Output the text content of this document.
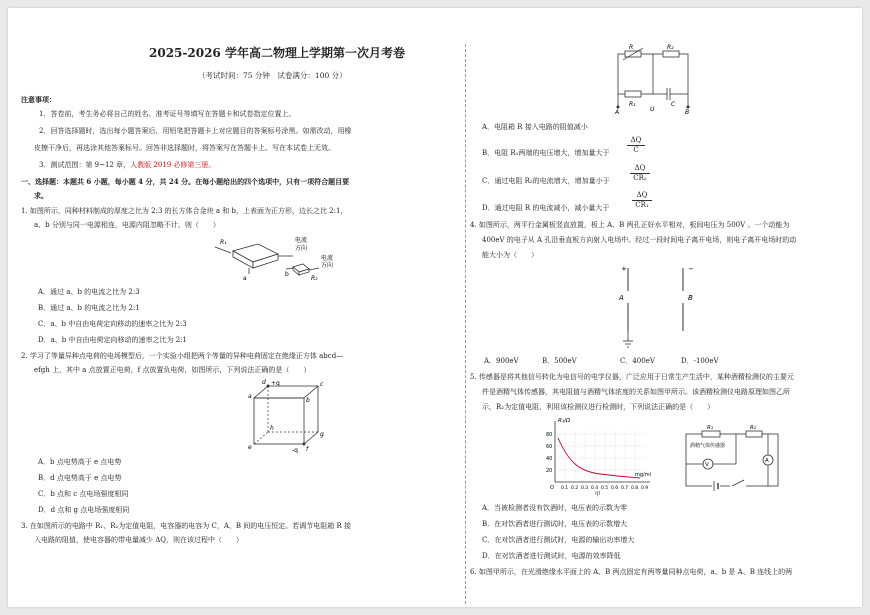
2025-2026 学年高二物理上学期第一次月考卷
（考试时间：75 分钟　试卷满分：100 分）
注意事项：
1．答卷前，考生务必将自己的姓名、准考证号等填写在答题卡和试卷指定位置上。
2．回答选择题时，选出每小题答案后，用铅笔把答题卡上对应题目的答案标号涂黑。如需改动，用橡
皮擦干净后，再选涂其他答案标号。回答非选择题时，将答案写在答题卡上。写在本试卷上无效。
3．测试范围：第 9~12 章，人教版 2019 必修第三册。
一、选择题：本题共 6 小题，每小题 4 分，共 24 分。在每小题给出的四个选项中，只有一项符合题目要
求。
1. 如图所示，同种材料制成的厚度之比为 2:3 的长方体合金块 a 和 b，上表面为正方形，边长之比 2:1，
a、b 分别与同一电源相连，电源内阻忽略不计，则（　　）
R₁	电流
方向
电流
方向
R₂
a
b
A．通过 a、b 的电流之比为 2:3
B．通过 a、b 的电流之比为 2:1
C．a、b 中自由电荷定向移动的速率之比为 2:3
D．a、b 中自由电荷定向移动的速率之比为 2:1
2. 学习了等量异种点电荷的电场模型后，一个实验小组把两个等量的异种电荷固定在绝缘正方体 abcd—
efgh 上，其中 a 点放置正电荷，f 点放置负电荷，如图所示，下列说法正确的是（　　）
d
a
+q	c
b
h
g
e	f
-q
A．b 点电势高于 e 点电势
B．d 点电势高于 e 点电势
C．b 点和 c 点电场强度相同
D．d 点和 g 点电场强度相同
3. 在如图所示的电路中 R₁、R₂为定值电阻，电容器的电容为 C，A、B 间的电压恒定。若调节电阻箱 R 接
入电路的阻值，使电容器的带电量减少 ΔQ，则在该过程中（　　）
R	R₂
R₁	C
A	U	B
A．电阻箱 R 接入电路的阻值减小
B．电阻 R₁两端的电压增大，增加量大于	$\frac{\Delta Q}{C}$
C．通过电阻 R₂的电流增大，增加量小于	$\frac{\Delta Q}{\text{CR₂}}$
D．通过电阻 R 的电流减小，减小量大于	$\frac{\Delta Q}{\text{CR₁}}$
4. 如图所示，两平行金属板竖直放置，板上 A、B 两孔正好水平相对，板间电压为 500V 。一个动能为
400eV 的电子从 A 孔沿垂直板方向射入电场中。经过一段时间电子离开电场，则电子离开电场时的动
能大小为（　　）
+	−
A	B
A．900eV	B．500eV	C．400eV	D．-100eV
5. 传感器是将其他信号转化为电信号的电学仪器，广泛应用于日常生产生活中，某种酒精检测仪的主要元
件是酒精气体传感器，其电阻值与酒精气体浓度的关系如图甲所示。该酒精检测仪电路原理如图乙所
示，R₂为定值电阻，利用该检测仪进行检测时，下列说法正确的是（　　）
R₁/Ω
mg/ml
80
60
40
20
O 0.1 0.2 0.3 0.4 0.5 0.6 0.7 0.8 0.9
甲
R₁
酒精气体传感器
R₂
V
A
A．当被检测者没有饮酒时，电压表的示数为零
B．在对饮酒者进行测试时，电压表的示数增大
C．在对饮酒者进行测试时，电源的输出功率增大
D．在对饮酒者进行测试时，电源的效率降低
6. 如图甲所示，在光滑绝缘水平面上的 A、B 两点固定有两等量同种点电荷，a、b 是 A、B 连线上的两
